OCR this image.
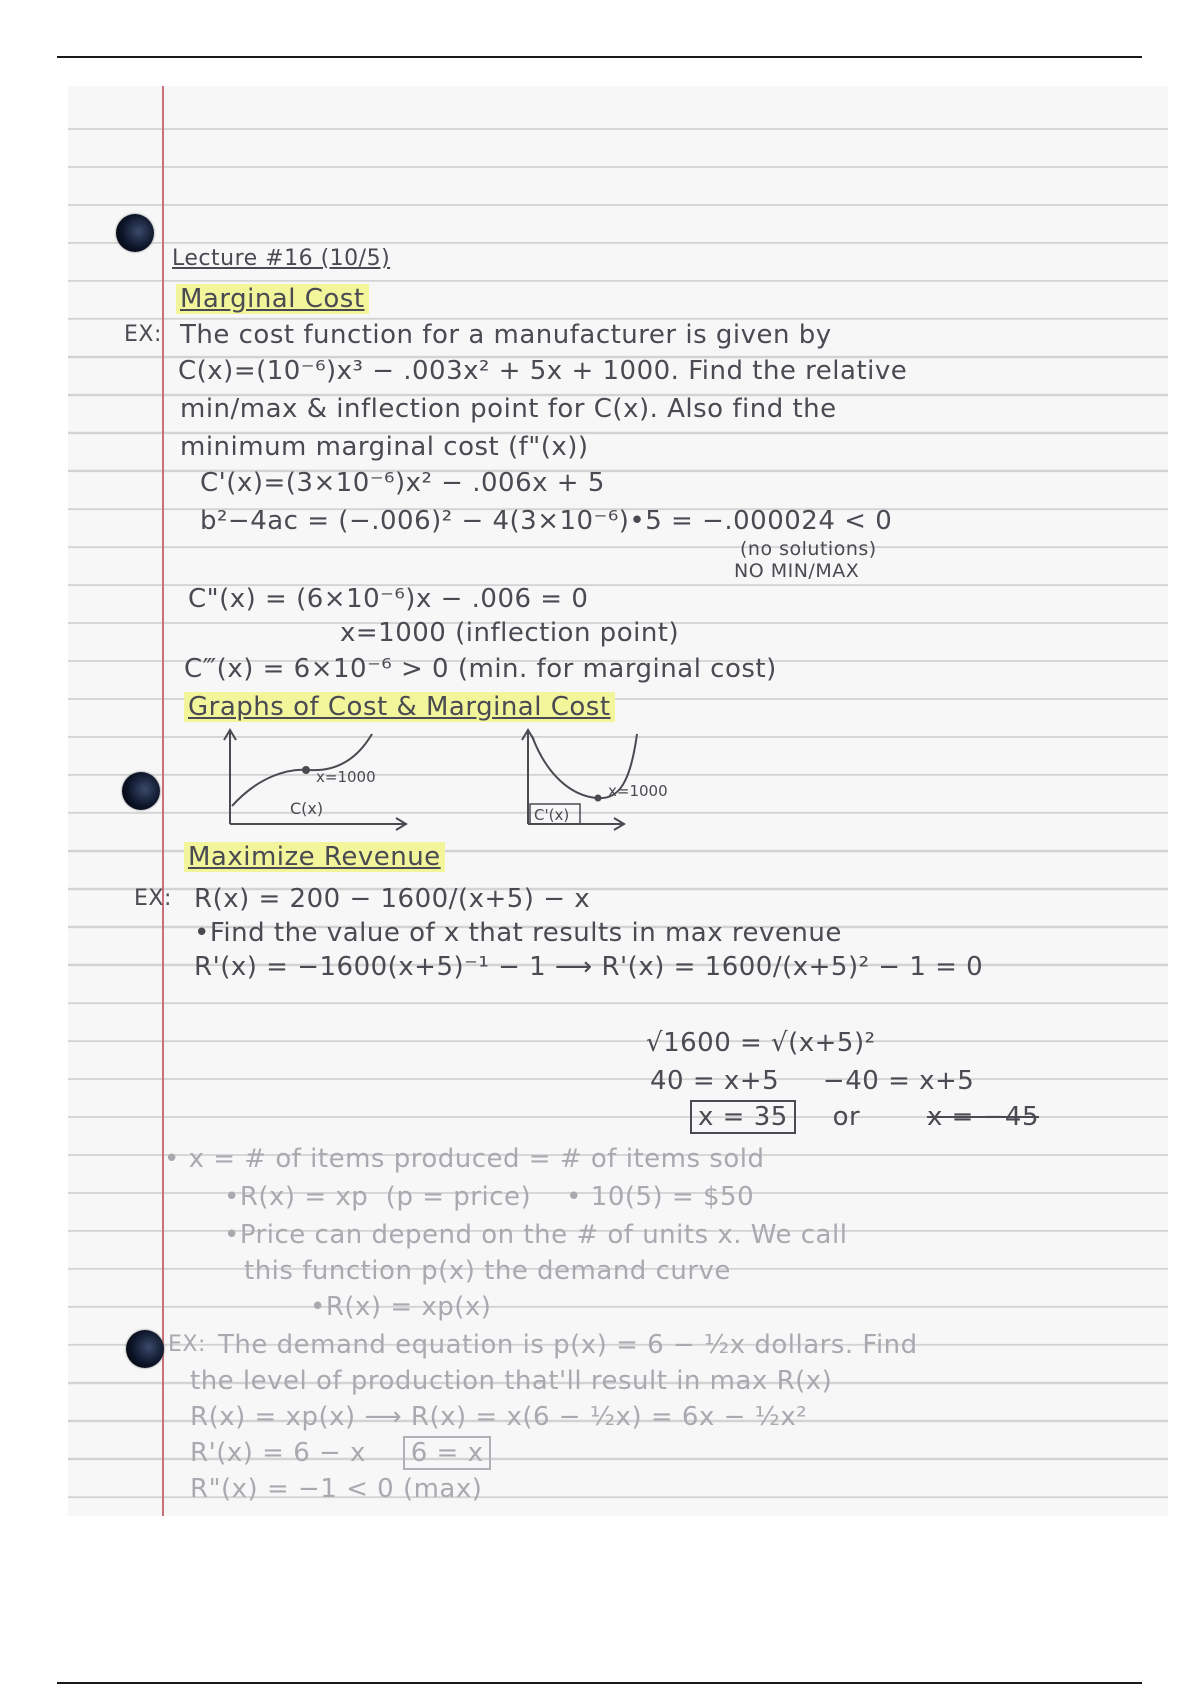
Lecture #16 (10/5)
Marginal Cost
EX: The cost function for a manufacturer is given by
C(x)=(10⁻⁶)x³ − .003x² + 5x + 1000. Find the relative
min/max & inflection point for C(x). Also find the
minimum marginal cost (f"(x))
C'(x)=(3×10⁻⁶)x² − .006x + 5
b²−4ac = (−.006)² − 4(3×10⁻⁶)•5 = −.000024 < 0
(no solutions)
NO MIN/MAX
C"(x) = (6×10⁻⁶)x − .006 = 0
x=1000 (inflection point)
C‴(x) = 6×10⁻⁶ > 0 (min. for marginal cost)
Graphs of Cost & Marginal Cost
x=1000
C(x)
x=1000
C'(x)
Maximize Revenue
EX: R(x) = 200 − 1600/(x+5) − x
•Find the value of x that results in max revenue
R'(x) = −1600(x+5)⁻¹ − 1 ⟶ R'(x) = 1600/(x+5)² − 1 = 0
√1600 = √(x+5)²
40 = x+5     −40 = x+5
x = 35 or	x = −45
• x = # of items produced = # of items sold
•R(x) = xp  (p = price)    • 10(5) = $50
•Price can depend on the # of units x. We call
this function p(x) the demand curve
•R(x) = xp(x)
EX: The demand equation is p(x) = 6 − ½x dollars. Find
the level of production that'll result in max R(x)
R(x) = xp(x) ⟶ R(x) = x(6 − ½x) = 6x − ½x²
R'(x) = 6 − x 6 = x
R"(x) = −1 < 0 (max)
